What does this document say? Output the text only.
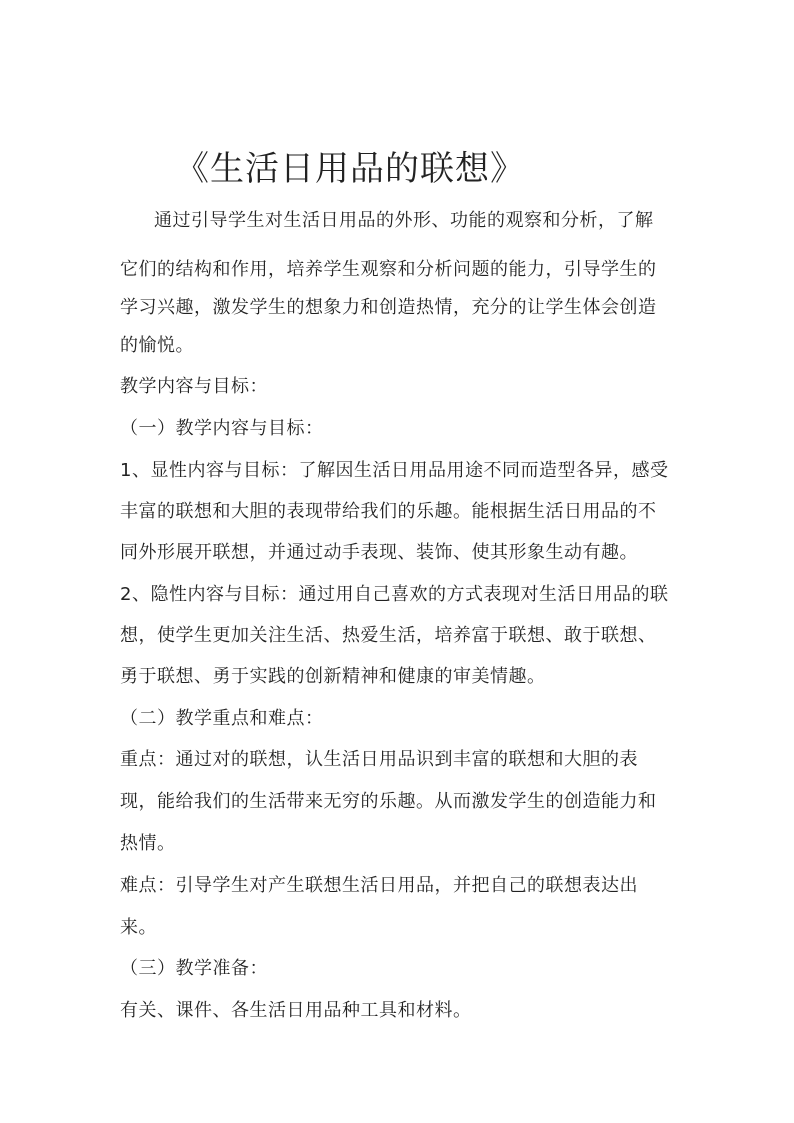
《生活日用品的联想》
通过引导学生对生活日用品的外形、功能的观察和分析，了解
它们的结构和作用，培养学生观察和分析问题的能力，引导学生的
学习兴趣，激发学生的想象力和创造热情，充分的让学生体会创造
的愉悦。
教学内容与目标：
（一）教学内容与目标：
1、显性内容与目标：了解因生活日用品用途不同而造型各异，感受
丰富的联想和大胆的表现带给我们的乐趣。能根据生活日用品的不
同外形展开联想，并通过动手表现、装饰、使其形象生动有趣。
2、隐性内容与目标：通过用自己喜欢的方式表现对生活日用品的联
想，使学生更加关注生活、热爱生活，培养富于联想、敢于联想、
勇于联想、勇于实践的创新精神和健康的审美情趣。
（二）教学重点和难点：
重点：通过对的联想，认生活日用品识到丰富的联想和大胆的表
现，能给我们的生活带来无穷的乐趣。从而激发学生的创造能力和
热情。
难点：引导学生对产生联想生活日用品，并把自己的联想表达出
来。
（三）教学准备：
有关、课件、各生活日用品种工具和材料。
